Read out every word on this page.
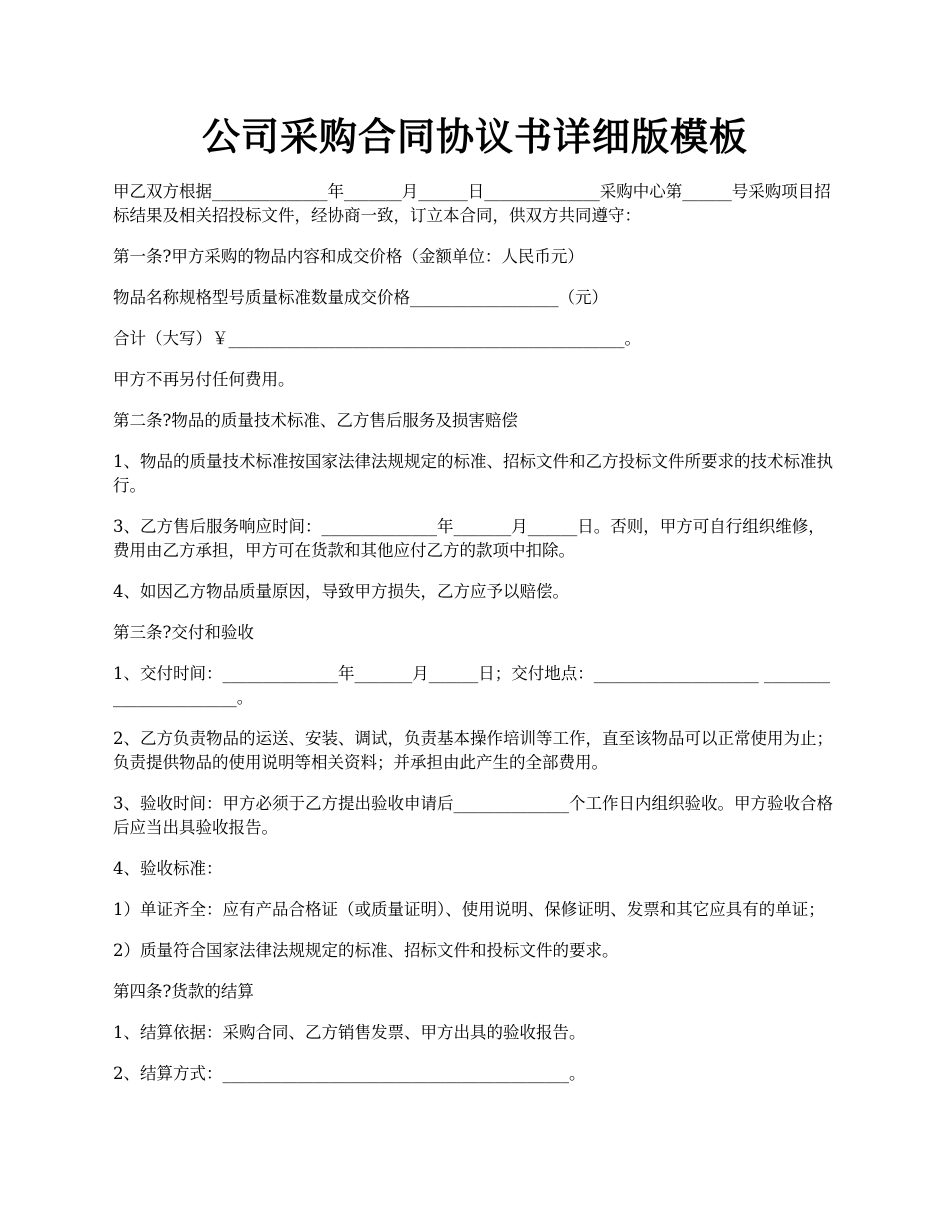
公司采购合同协议书详细版模板

甲乙双方根据______________年_______月______日______________采购中心第______号采购项目招标结果及相关招投标文件，经协商一致，订立本合同，供双方共同遵守：

第一条?甲方采购的物品内容和成交价格（金额单位：人民币元）

物品名称规格型号质量标准数量成交价格__________________（元）

合计（大写）￥________________________________________________。

甲方不再另付任何费用。

第二条?物品的质量技术标准、乙方售后服务及损害赔偿

1、物品的质量技术标准按国家法律法规规定的标准、招标文件和乙方投标文件所要求的技术标准执行。

3、乙方售后服务响应时间：______________年_______月______日。否则，甲方可自行组织维修，费用由乙方承担，甲方可在货款和其他应付乙方的款项中扣除。

4、如因乙方物品质量原因，导致甲方损失，乙方应予以赔偿。

第三条?交付和验收

1、交付时间：______________年_______月______日；交付地点：____________________ _______________________。

2、乙方负责物品的运送、安装、调试，负责基本操作培训等工作，直至该物品可以正常使用为止；负责提供物品的使用说明等相关资料；并承担由此产生的全部费用。

3、验收时间：甲方必须于乙方提出验收申请后______________个工作日内组织验收。甲方验收合格后应当出具验收报告。

4、验收标准：

1）单证齐全：应有产品合格证（或质量证明）、使用说明、保修证明、发票和其它应具有的单证；

2）质量符合国家法律法规规定的标准、招标文件和投标文件的要求。

第四条?货款的结算

1、结算依据：采购合同、乙方销售发票、甲方出具的验收报告。

2、结算方式：__________________________________________。
